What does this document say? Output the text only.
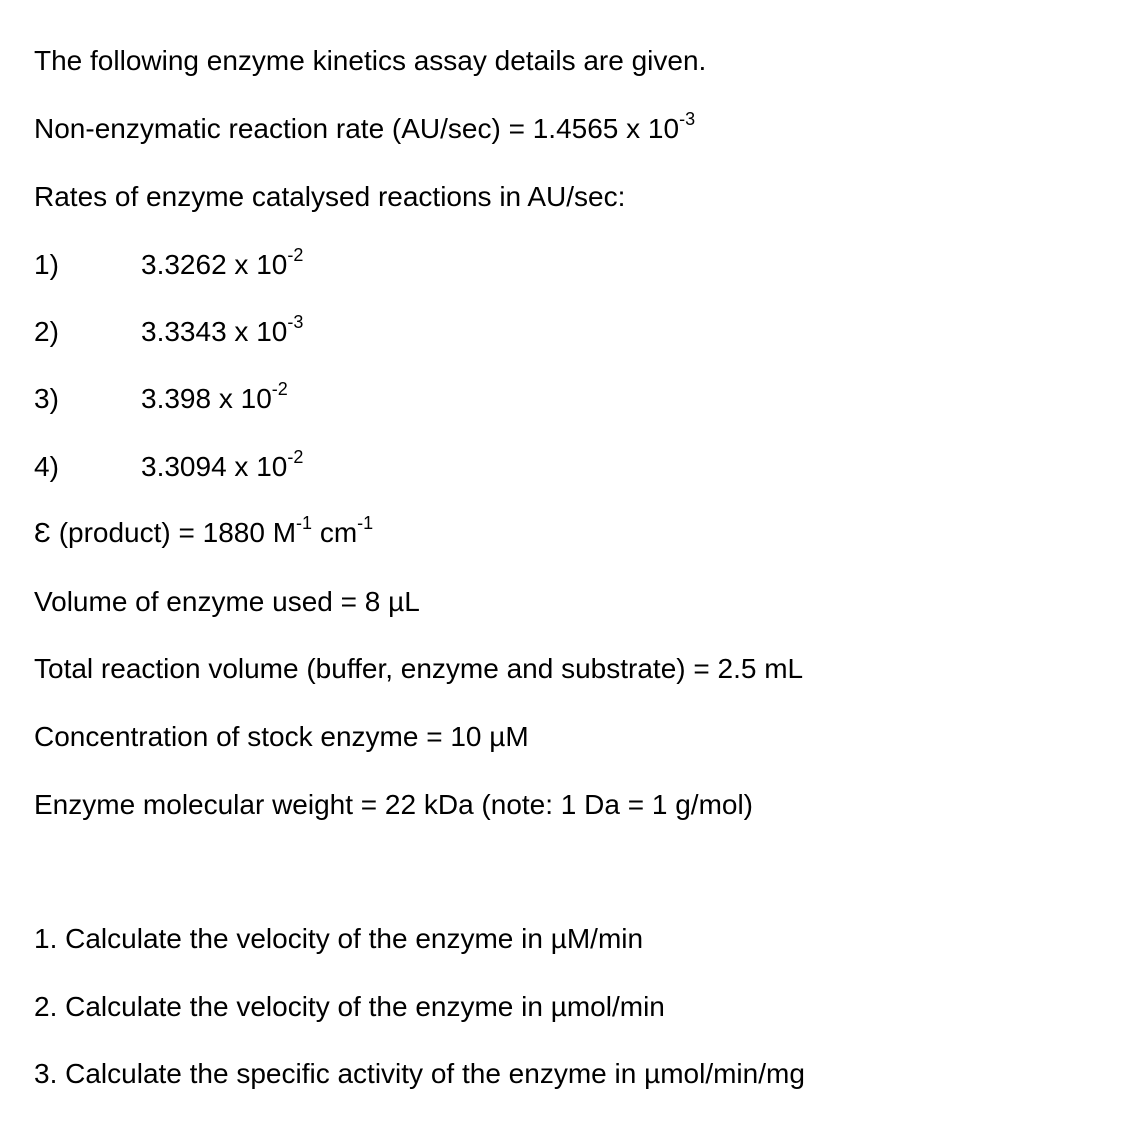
The following enzyme kinetics assay details are given.
Non-enzymatic reaction rate (AU/sec) = 1.4565 x $10^{-3}$
Rates of enzyme catalysed reactions in AU/sec:
1)	3.3262 x $10^{-2}$
2)	3.3343 x $10^{-3}$
3)	3.398 x $10^{-2}$
4)	3.3094 x $10^{-2}$
Ɛ (product) = 1880 $M^{-1}$ $cm^{-1}$
Volume of enzyme used = 8 µL
Total reaction volume (buffer, enzyme and substrate) = 2.5 mL
Concentration of stock enzyme = 10 µM
Enzyme molecular weight = 22 kDa (note: 1 Da = 1 g/mol)
1. Calculate the velocity of the enzyme in µM/min
2. Calculate the velocity of the enzyme in µmol/min
3. Calculate the specific activity of the enzyme in µmol/min/mg
